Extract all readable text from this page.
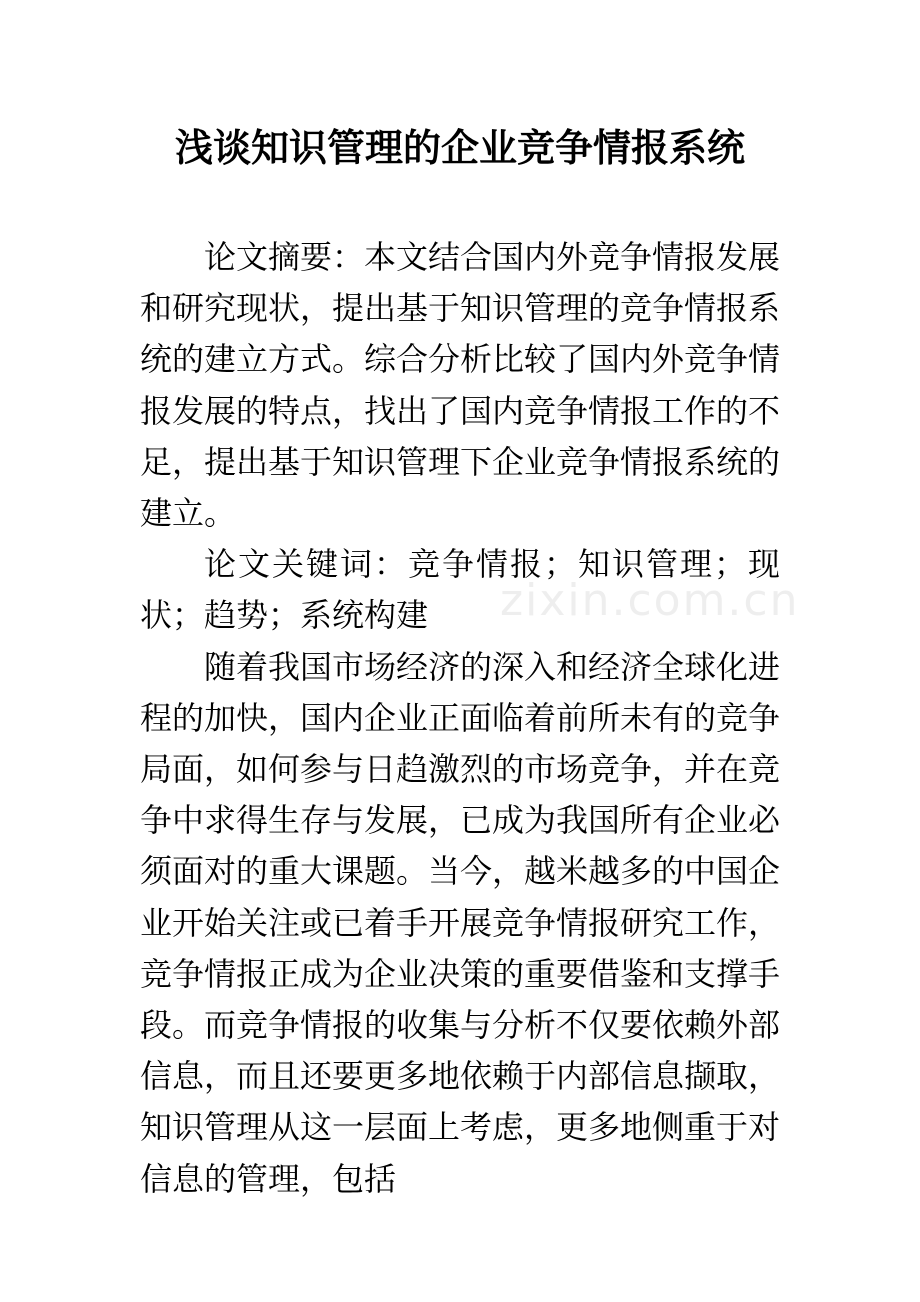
浅谈知识管理的企业竞争情报系统

论文摘要：本文结合国内外竞争情报发展和研究现状，提出基于知识管理的竞争情报系统的建立方式。综合分析比较了国内外竞争情报发展的特点，找出了国内竞争情报工作的不足，提出基于知识管理下企业竞争情报系统的建立。

论文关键词：竞争情报；知识管理；现状；趋势；系统构建

随着我国市场经济的深入和经济全球化进程的加快，国内企业正面临着前所未有的竞争局面，如何参与日趋激烈的市场竞争，并在竞争中求得生存与发展，已成为我国所有企业必须面对的重大课题。当今，越米越多的中国企业开始关注或已着手开展竞争情报研究工作，竞争情报正成为企业决策的重要借鉴和支撑手段。而竞争情报的收集与分析不仅要依赖外部信息，而且还要更多地依赖于内部信息撷取，知识管理从这一层面上考虑，更多地侧重于对信息的管理，包括

zixin.com.cn
